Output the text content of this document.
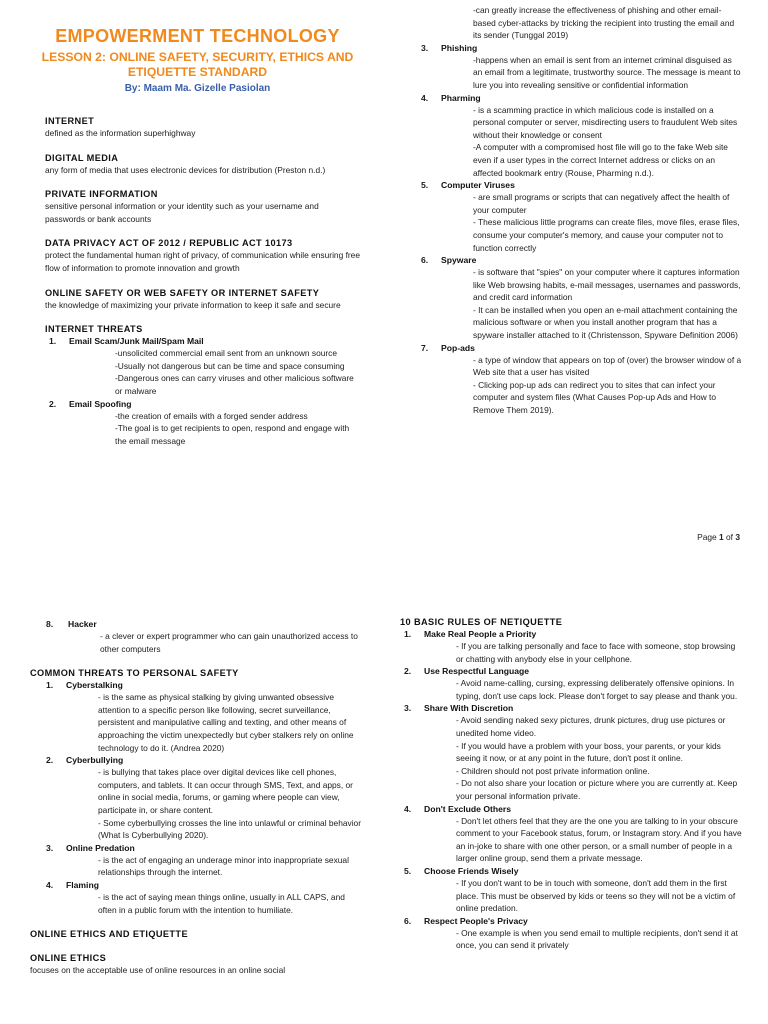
EMPOWERMENT TECHNOLOGY
LESSON 2: ONLINE SAFETY, SECURITY, ETHICS AND ETIQUETTE STANDARD
By: Maam Ma. Gizelle Pasiolan
INTERNET
defined as the information superhighway
DIGITAL MEDIA
any form of media that uses electronic devices for distribution (Preston n.d.)
PRIVATE INFORMATION
sensitive personal information or your identity such as your username and passwords or bank accounts
DATA PRIVACY ACT OF 2012 / REPUBLIC ACT 10173
protect the fundamental human right of privacy, of communication while ensuring free flow of information to promote innovation and growth
ONLINE SAFETY OR WEB SAFETY OR INTERNET SAFETY
the knowledge of maximizing your private information to keep it safe and secure
INTERNET THREATS
1. Email Scam/Junk Mail/Spam Mail
-unsolicited commercial email sent from an unknown source
-Usually not dangerous but can be time and space consuming
-Dangerous ones can carry viruses and other malicious software or malware
2. Email Spoofing
-the creation of emails with a forged sender address
-The goal is to get recipients to open, respond and engage with the email message
-can greatly increase the effectiveness of phishing and other email-based cyber-attacks by tricking the recipient into trusting the email and its sender (Tunggal 2019)
3. Phishing
-happens when an email is sent from an internet criminal disguised as an email from a legitimate, trustworthy source. The message is meant to lure you into revealing sensitive or confidential information
4. Pharming
- is a scamming practice in which malicious code is installed on a personal computer or server, misdirecting users to fraudulent Web sites without their knowledge or consent
-A computer with a compromised host file will go to the fake Web site even if a user types in the correct Internet address or clicks on an affected bookmark entry (Rouse, Pharming n.d.).
5. Computer Viruses
- are small programs or scripts that can negatively affect the health of your computer
- These malicious little programs can create files, move files, erase files, consume your computer's memory, and cause your computer not to function correctly
6. Spyware
- is software that "spies" on your computer where it captures information like Web browsing habits, e-mail messages, usernames and passwords, and credit card information
- It can be installed when you open an e-mail attachment containing the malicious software or when you install another program that has a spyware installer attached to it (Christensson, Spyware Definition 2006)
7. Pop-ads
- a type of window that appears on top of (over) the browser window of a Web site that a user has visited
- Clicking pop-up ads can redirect you to sites that can infect your computer and system files (What Causes Pop-up Ads and How to Remove Them 2019).
Page 1 of 3
8. Hacker
- a clever or expert programmer who can gain unauthorized access to other computers
COMMON THREATS TO PERSONAL SAFETY
1. Cyberstalking
- is the same as physical stalking by giving unwanted obsessive attention to a specific person like following, secret surveillance, persistent and manipulative calling and texting, and other means of approaching the victim unexpectedly but cyber stalkers rely on online technology to do it. (Andrea 2020)
2. Cyberbullying
- is bullying that takes place over digital devices like cell phones, computers, and tablets. It can occur through SMS, Text, and apps, or online in social media, forums, or gaming where people can view, participate in, or share content.
- Some cyberbullying crosses the line into unlawful or criminal behavior (What Is Cyberbullying 2020).
3. Online Predation
- is the act of engaging an underage minor into inappropriate sexual relationships through the internet.
4. Flaming
- is the act of saying mean things online, usually in ALL CAPS, and often in a public forum with the intention to humiliate.
ONLINE ETHICS AND ETIQUETTE
ONLINE ETHICS
focuses on the acceptable use of online resources in an online social
10 BASIC RULES OF NETIQUETTE
1. Make Real People a Priority
- If you are talking personally and face to face with someone, stop browsing or chatting with anybody else in your cellphone.
2. Use Respectful Language
- Avoid name-calling, cursing, expressing deliberately offensive opinions. In typing, don't use caps lock. Please don't forget to say please and thank you.
3. Share With Discretion
- Avoid sending naked sexy pictures, drunk pictures, drug use pictures or unedited home video.
- If you would have a problem with your boss, your parents, or your kids seeing it now, or at any point in the future, don't post it online.
- Children should not post private information online.
- Do not also share your location or picture where you are currently at. Keep your personal information private.
4. Don't Exclude Others
- Don't let others feel that they are the one you are talking to in your obscure comment to your Facebook status, forum, or Instagram story. And if you have an in-joke to share with one other person, or a small number of people in a larger online group, send them a private message.
5. Choose Friends Wisely
- If you don't want to be in touch with someone, don't add them in the first place. This must be observed by kids or teens so they will not be a victim of online predation.
6. Respect People's Privacy
- One example is when you send email to multiple recipients, don't send it at once, you can send it privately
